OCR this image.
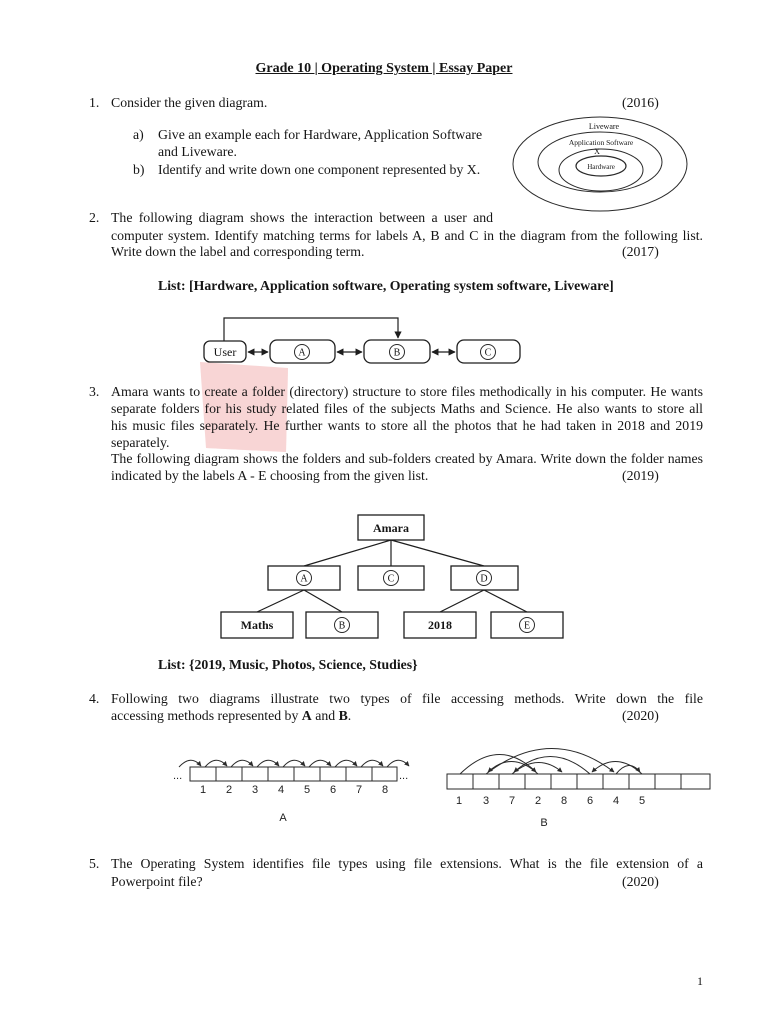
Liveware
Application Software
X
Hardware
User	A	B	C
Amara
A	C	D
Maths	B	2018	E
...	...
1 2 3 4 5 6 7 8
A
1 3 7 2 8 6 4 5
B
Grade 10 | Operating System | Essay Paper
1. Consider the given diagram.	(2016)
a) Give an example each for Hardware, Application Software
and Liveware.
b) Identify and write down one component represented by X.
2. The following diagram shows the interaction between a user and
computer system. Identify matching terms for labels A, B and C in the diagram from the following list.
Write down the label and corresponding term.	(2017)
List: [Hardware, Application software, Operating system software, Liveware]
3. Amara wants to create a folder (directory) structure to store files methodically in his computer. He wants
separate folders for his study related files of the subjects Maths and Science. He also wants to store all
his music files separately. He further wants to store all the photos that he had taken in 2018 and 2019
separately.
The following diagram shows the folders and sub-folders created by Amara. Write down the folder names
indicated by the labels A - E choosing from the given list.	(2019)
List: {2019, Music, Photos, Science, Studies}
4. Following two diagrams illustrate two types of file accessing methods. Write down the file
accessing methods represented by A and B.	(2020)
5. The Operating System identifies file types using file extensions. What is the file extension of a
Powerpoint file?	(2020)
1
